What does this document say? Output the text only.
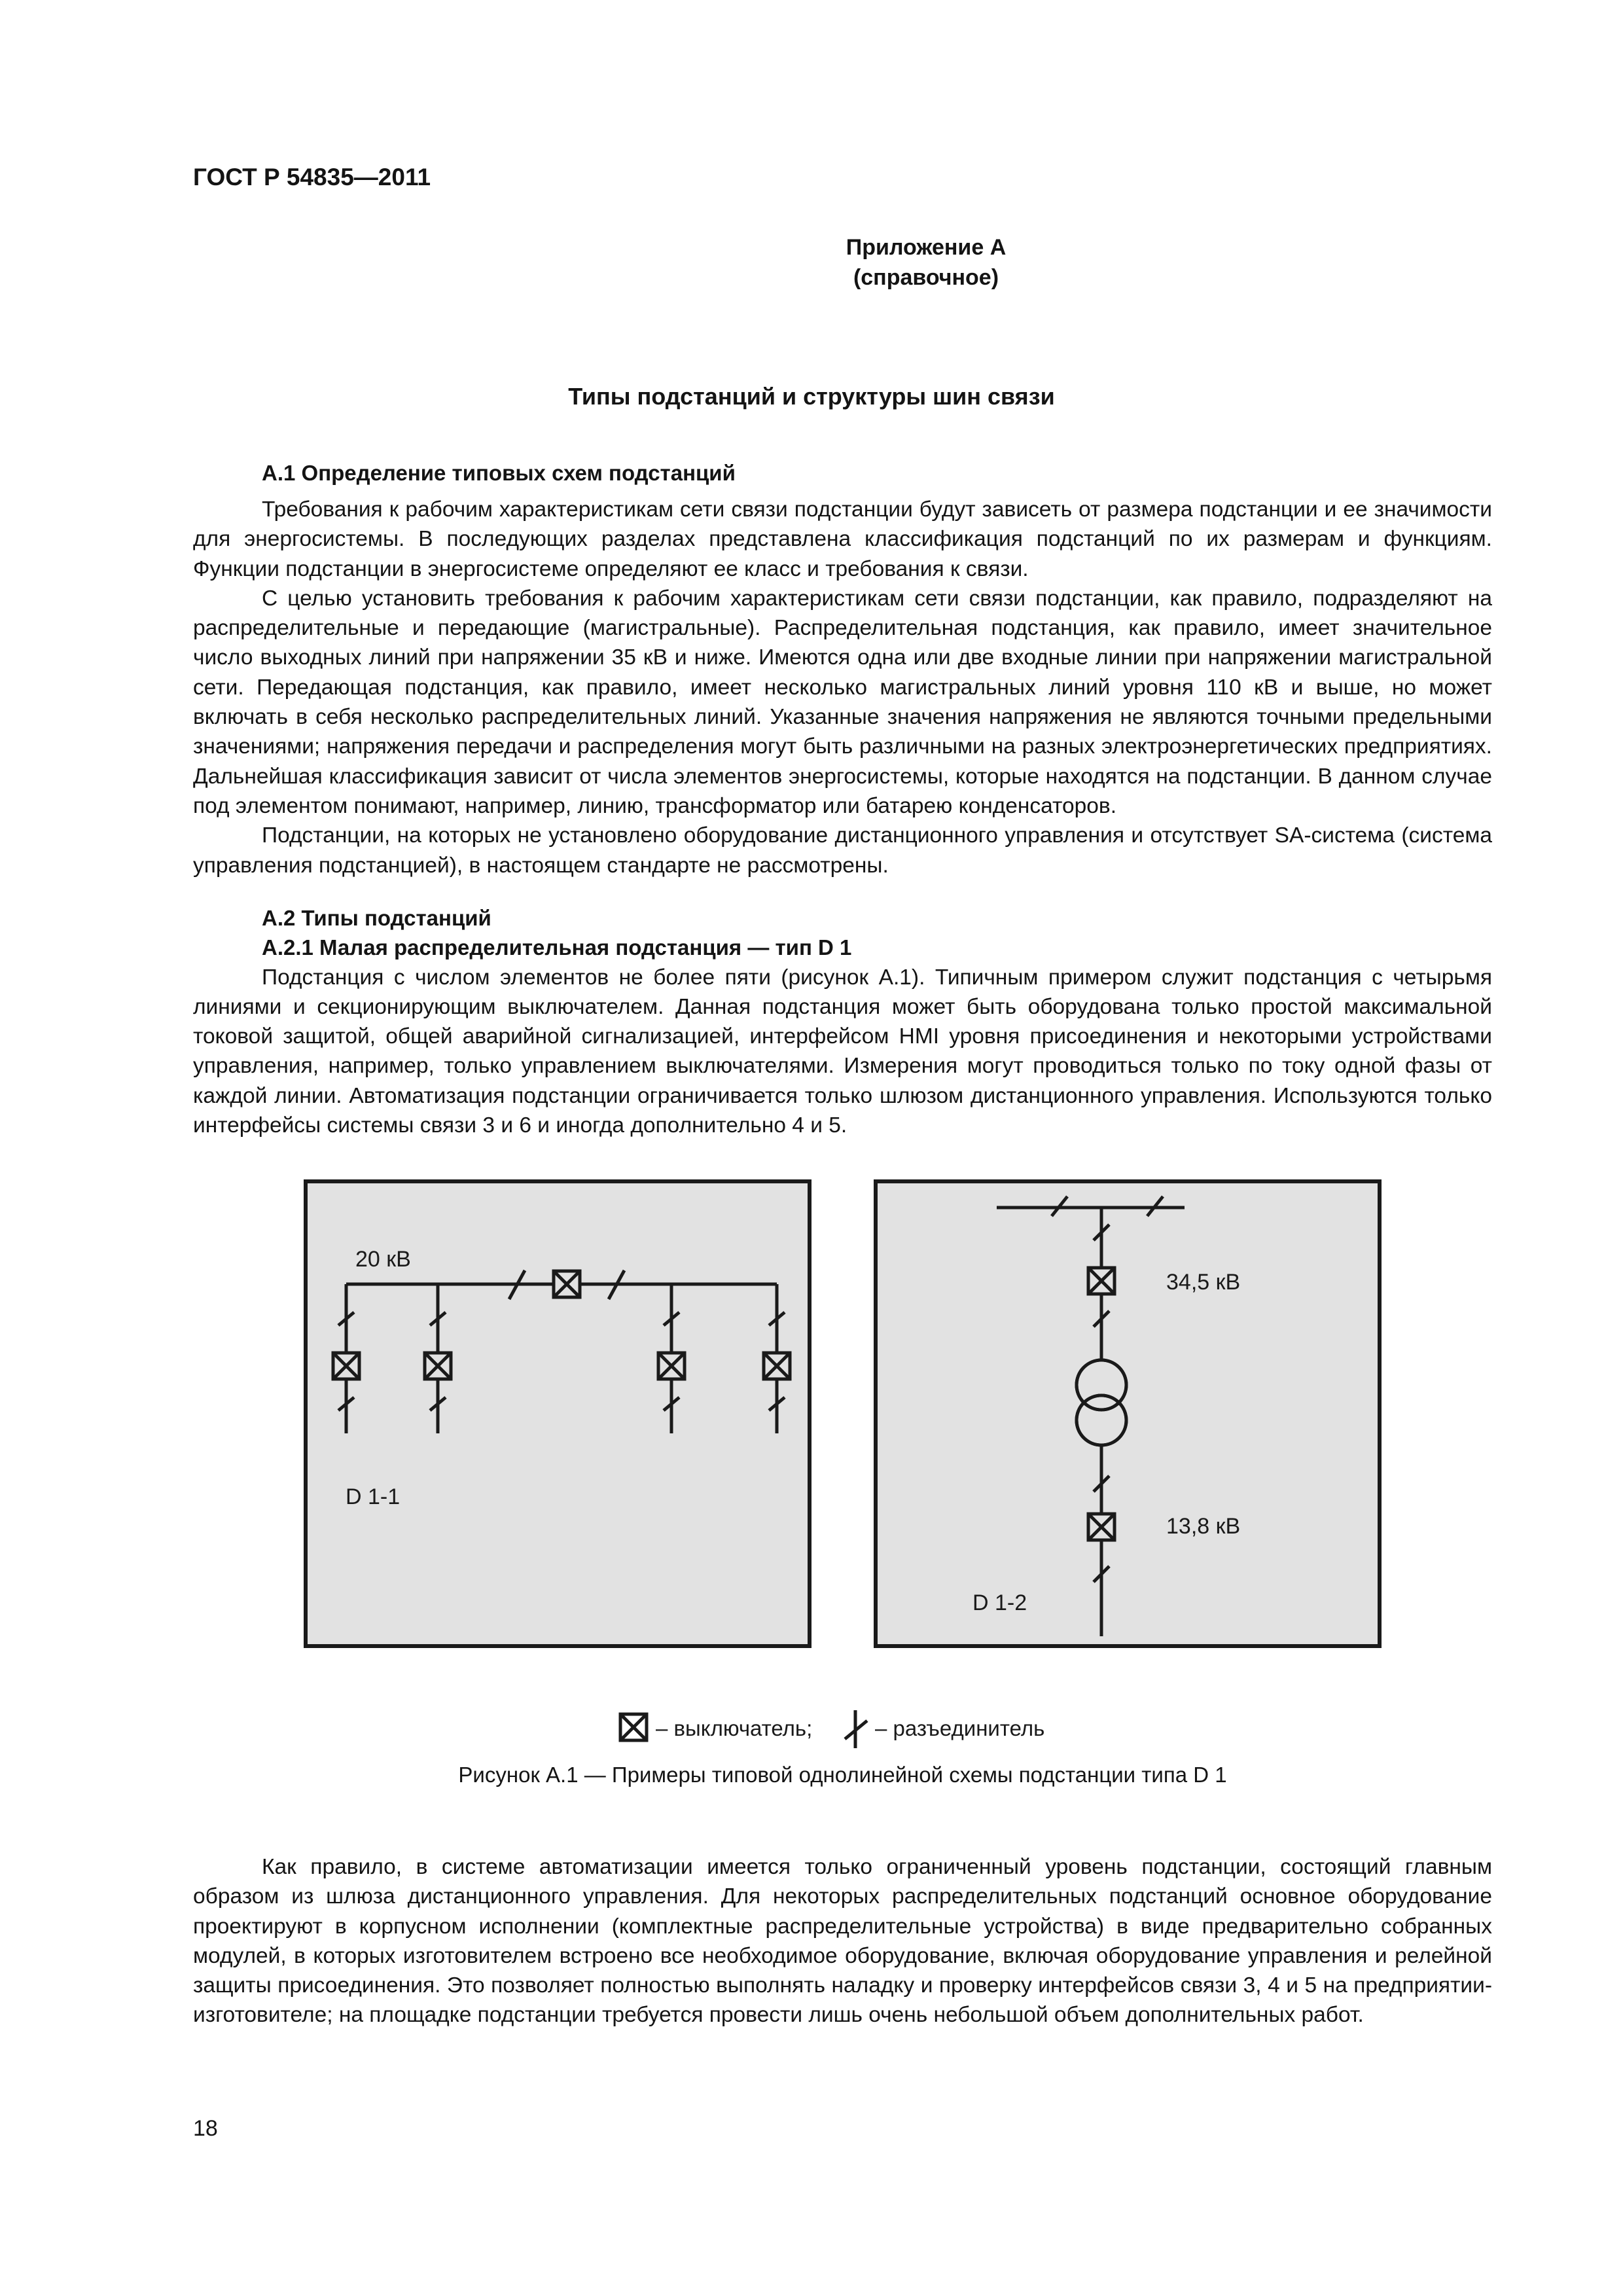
ГОСТ Р 54835—2011
Приложение А
(справочное)
Типы подстанций и структуры шин связи
А.1 Определение типовых схем подстанций

Требования к рабочим характеристикам сети связи подстанции будут зависеть от размера подстанции и ее значимости для энергосистемы. В последующих разделах представлена классификация подстанций по их размерам и функциям. Функции подстанции в энергосистеме определяют ее класс и требования к связи.

С целью установить требования к рабочим характеристикам сети связи подстанции, как правило, подразделяют на распределительные и передающие (магистральные). Распределительная подстанция, как правило, имеет значительное число выходных линий при напряжении 35 кВ и ниже. Имеются одна или две входные линии при напряжении магистральной сети. Передающая подстанция, как правило, имеет несколько магистральных линий уровня 110 кВ и выше, но может включать в себя несколько распределительных линий. Указанные значения напряжения не являются точными предельными значениями; напряжения передачи и распределения могут быть различными на разных электроэнергетических предприятиях. Дальнейшая классификация зависит от числа элементов энергосистемы, которые находятся на подстанции. В данном случае под элементом понимают, например, линию, трансформатор или батарею конденсаторов.

Подстанции, на которых не установлено оборудование дистанционного управления и отсутствует SA-система (система управления подстанцией), в настоящем стандарте не рассмотрены.

А.2 Типы подстанций
А.2.1 Малая распределительная подстанция — тип D 1

Подстанция с числом элементов не более пяти (рисунок А.1). Типичным примером служит подстанция с четырьмя линиями и секционирующим выключателем. Данная подстанция может быть оборудована только простой максимальной токовой защитой, общей аварийной сигнализацией, интерфейсом HMI уровня присоединения и некоторыми устройствами управления, например, только управлением выключателями. Измерения могут проводиться только по току одной фазы от каждой линии. Автоматизация подстанции ограничивается только шлюзом дистанционного управления. Используются только интерфейсы системы связи 3 и 6 и иногда дополнительно 4 и 5.

20 кВ
D 1-1
34,5 кВ
13,8 кВ
D 1-2
– выключатель;	– разъединитель
Рисунок А.1 — Примеры типовой однолинейной схемы подстанции типа D 1

Как правило, в системе автоматизации имеется только ограниченный уровень подстанции, состоящий главным образом из шлюза дистанционного управления. Для некоторых распределительных подстанций основное оборудование проектируют в корпусном исполнении (комплектные распределительные устройства) в виде предварительно собранных модулей, в которых изготовителем встроено все необходимое оборудование, включая оборудование управления и релейной защиты присоединения. Это позволяет полностью выполнять наладку и проверку интерфейсов связи 3, 4 и 5 на предприятии-изготовителе; на площадке подстанции требуется провести лишь очень небольшой объем дополнительных работ.

18
